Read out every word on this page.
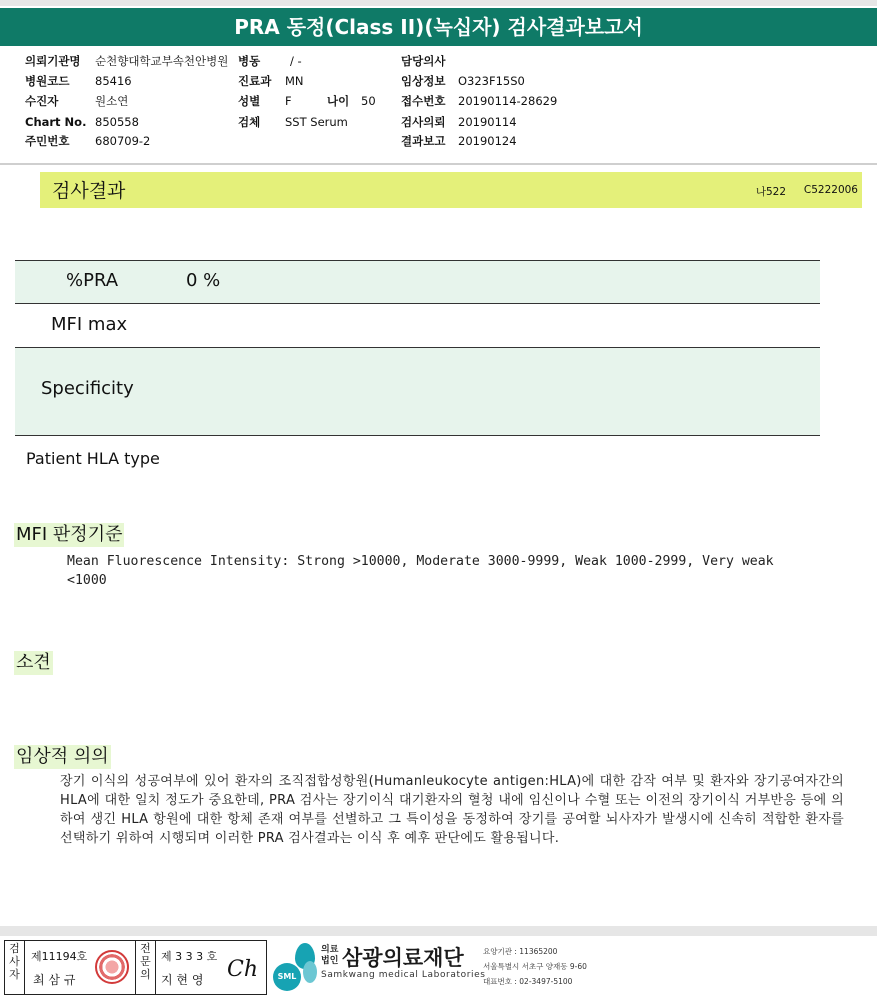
PRA 동정(Class II)(녹십자) 검사결과보고서
의뢰기관명 순천향대학교부속천안병원 병동	/ -	담당의사
병원코드 85416	진료과 MN	임상정보 O323F15S0
수진자	원소연	성별 F	나이 50 접수번호 20190114-28629
Chart No. 850558	검체 SST Serum	검사의뢰 20190114
주민번호 680709-2	결과보고 20190124
검사결과	나522 C5222006
%PRA	0 %
MFI max
Specificity
Patient HLA type
MFI 판정기준
Mean Fluorescence Intensity: Strong >10000, Moderate 3000-9999, Weak 1000-2999, Very weak
<1000
소견
임상적 의의
장기 이식의 성공여부에 있어 환자의 조직접합성항원(Humanleukocyte antigen:HLA)에 대한 감작 여부 및 환자와 장기공여자간의 HLA에 대한 일치 정도가 중요한데, PRA 검사는 장기이식 대기환자의 혈청 내에 임신이나 수혈 또는 이전의 장기이식 거부반응 등에 의하여 생긴 HLA 항원에 대한 항체 존재 여부를 선별하고 그 특이성을 동정하여 장기를 공여할 뇌사자가 발생시에 신속히 적합한 환자를 선택하기 위하여 시행되며 이러한 PRA 검사결과는 이식 후 예후 판단에도 활용됩니다.
검사자
제11194호
최 삼 규
전문의
제 3 3 3 호
지 현 영 Ch	SML
의료
법인 삼광의료재단
Samkwang medical Laboratories
요양기관 : 11365200
서울특별시 서초구 양재동 9-60
대표번호 : 02-3497-5100
